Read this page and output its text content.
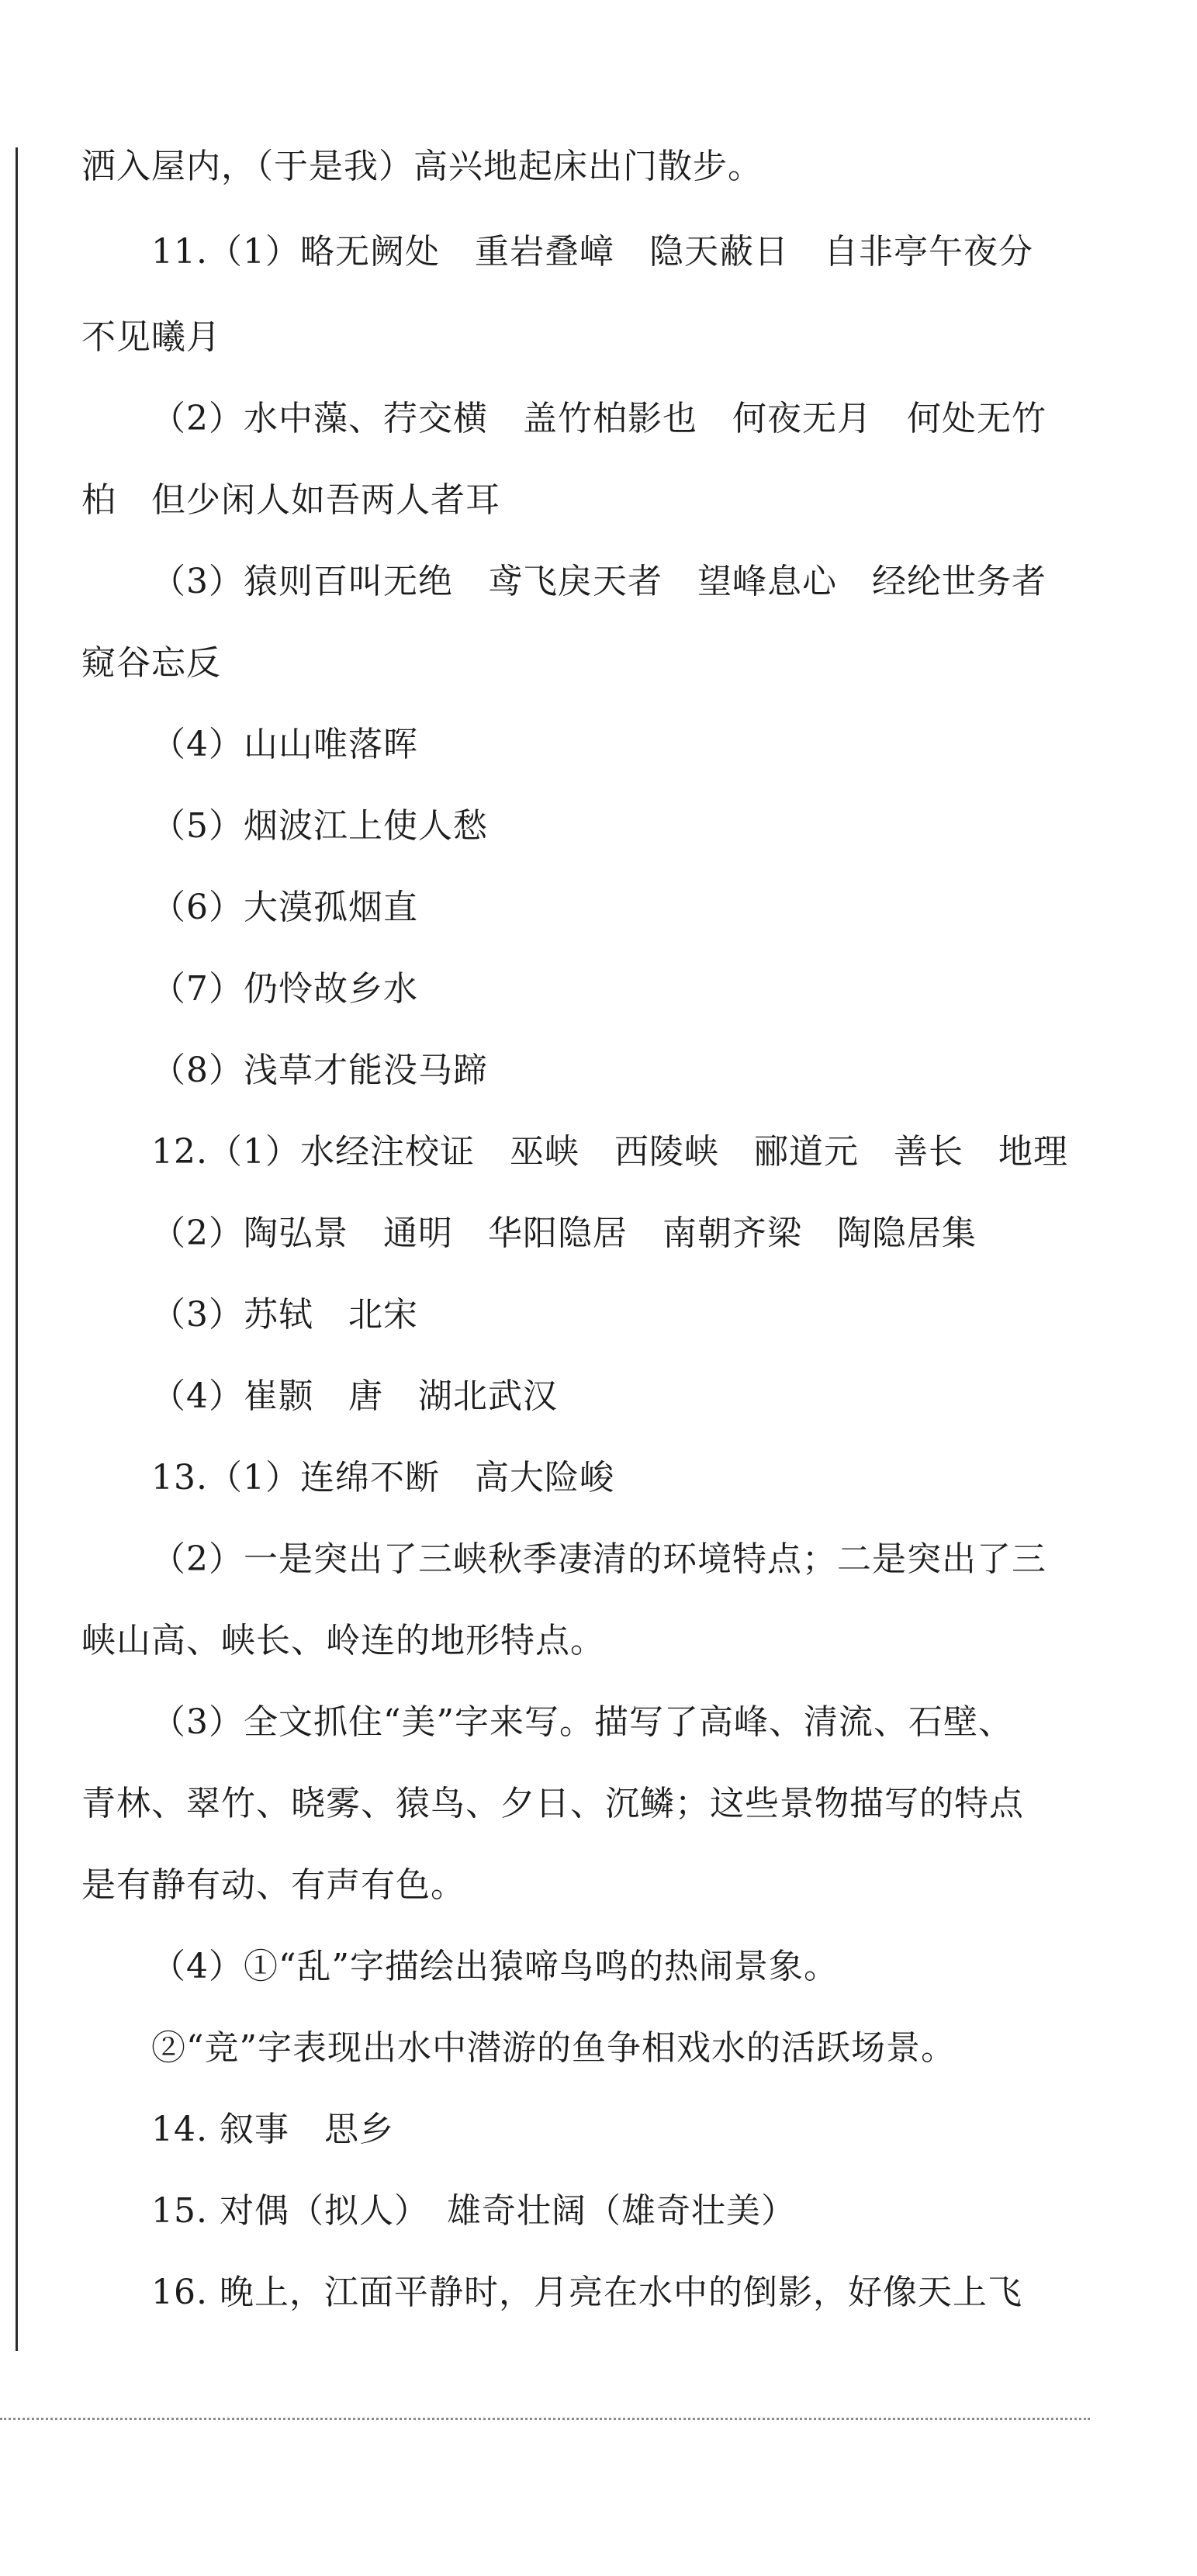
洒入屋内，（于是我）高兴地起床出门散步。
11.（1）略无阙处　重岩叠嶂　隐天蔽日　自非亭午夜分
不见曦月
（2）水中藻、荇交横　盖竹柏影也　何夜无月　何处无竹
柏　但少闲人如吾两人者耳
（3）猿则百叫无绝　鸢飞戾天者　望峰息心　经纶世务者
窥谷忘反
（4）山山唯落晖
（5）烟波江上使人愁
（6）大漠孤烟直
（7）仍怜故乡水
（8）浅草才能没马蹄
12.（1）水经注校证　巫峡　西陵峡　郦道元　善长　地理
（2）陶弘景　通明　华阳隐居　南朝齐梁　陶隐居集
（3）苏轼　北宋
（4）崔颢　唐　湖北武汉
13.（1）连绵不断　高大险峻
（2）一是突出了三峡秋季凄清的环境特点；二是突出了三
峡山高、峡长、岭连的地形特点。
（3）全文抓住“美”字来写。描写了高峰、清流、石壁、
青林、翠竹、晓雾、猿鸟、夕日、沉鳞；这些景物描写的特点
是有静有动、有声有色。
（4）①“乱”字描绘出猿啼鸟鸣的热闹景象。
②“竞”字表现出水中潜游的鱼争相戏水的活跃场景。
14. 叙事　思乡
15. 对偶（拟人）　雄奇壮阔（雄奇壮美）
16. 晚上，江面平静时，月亮在水中的倒影，好像天上飞
